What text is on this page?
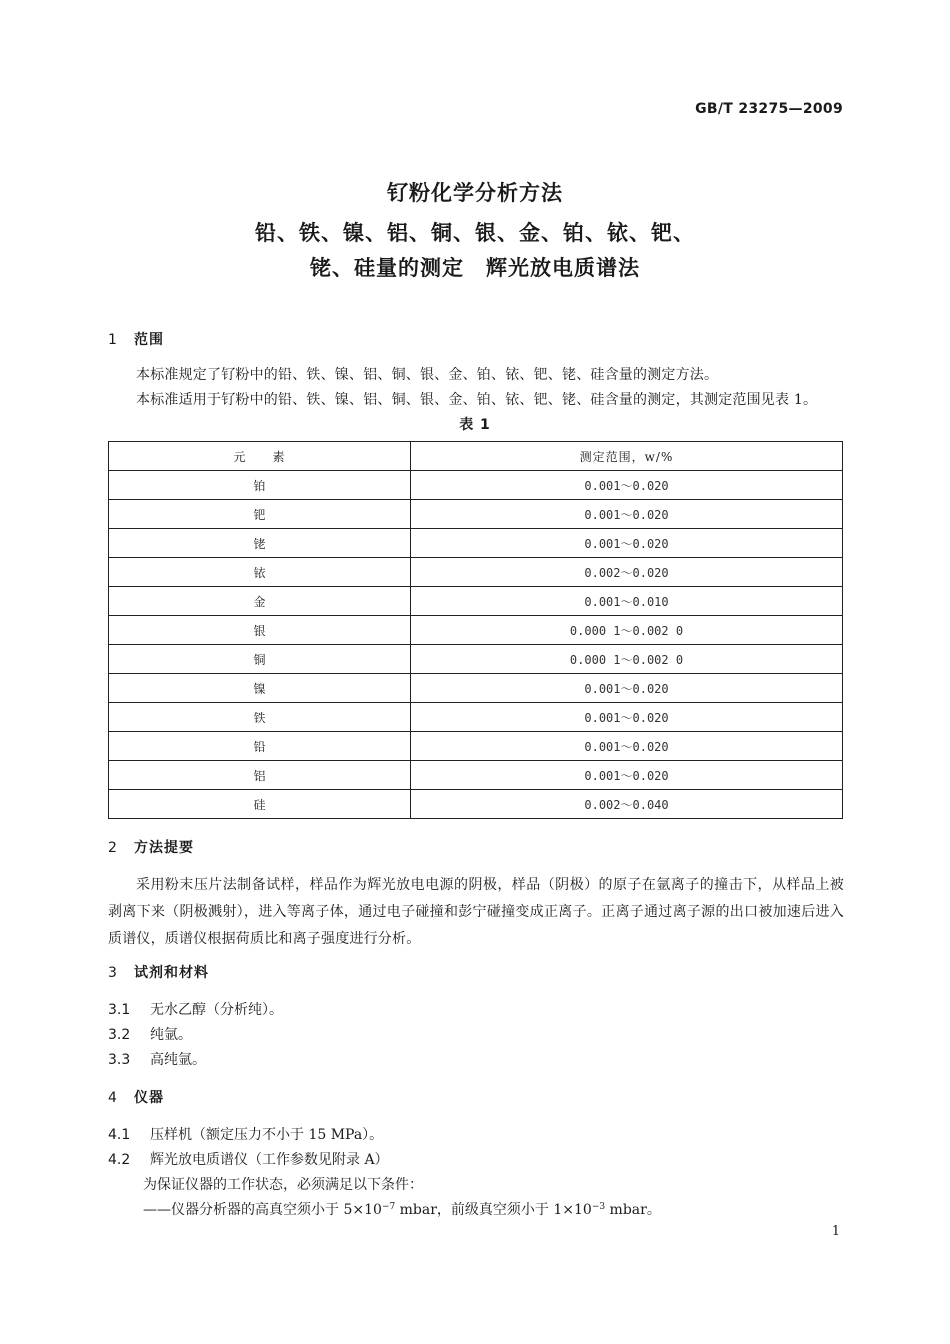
GB/T 23275—2009
钌粉化学分析方法
铅、铁、镍、铝、铜、银、金、铂、铱、钯、
铑、硅量的测定　辉光放电质谱法
1 范围
本标准规定了钌粉中的铅、铁、镍、铝、铜、银、金、铂、铱、钯、铑、硅含量的测定方法。
本标准适用于钌粉中的铅、铁、镍、铝、铜、银、金、铂、铱、钯、铑、硅含量的测定，其测定范围见表 1。
表 1
元　　素	测定范围，w/%
铂	0.001～0.020
钯	0.001～0.020
铑	0.001～0.020
铱	0.002～0.020
金	0.001～0.010
银	0.000 1～0.002 0
铜	0.000 1～0.002 0
镍	0.001～0.020
铁	0.001～0.020
铅	0.001～0.020
铝	0.001～0.020
硅	0.002～0.040
2 方法提要
采用粉末压片法制备试样，样品作为辉光放电电源的阴极，样品（阴极）的原子在氩离子的撞击下，从样品上被剥离下来（阴极溅射），进入等离子体，通过电子碰撞和彭宁碰撞变成正离子。正离子通过离子源的出口被加速后进入质谱仪，质谱仪根据荷质比和离子强度进行分析。
3 试剂和材料
3.1 无水乙醇（分析纯）。
3.2 纯氩。
3.3 高纯氩。
4 仪器
4.1 压样机（额定压力不小于 15 MPa）。
4.2 辉光放电质谱仪（工作参数见附录 A）
为保证仪器的工作状态，必须满足以下条件：
——仪器分析器的高真空须小于 $5\times 10^{-7}$ mbar，前级真空须小于 $1\times 10^{-3}$ mbar。
1
